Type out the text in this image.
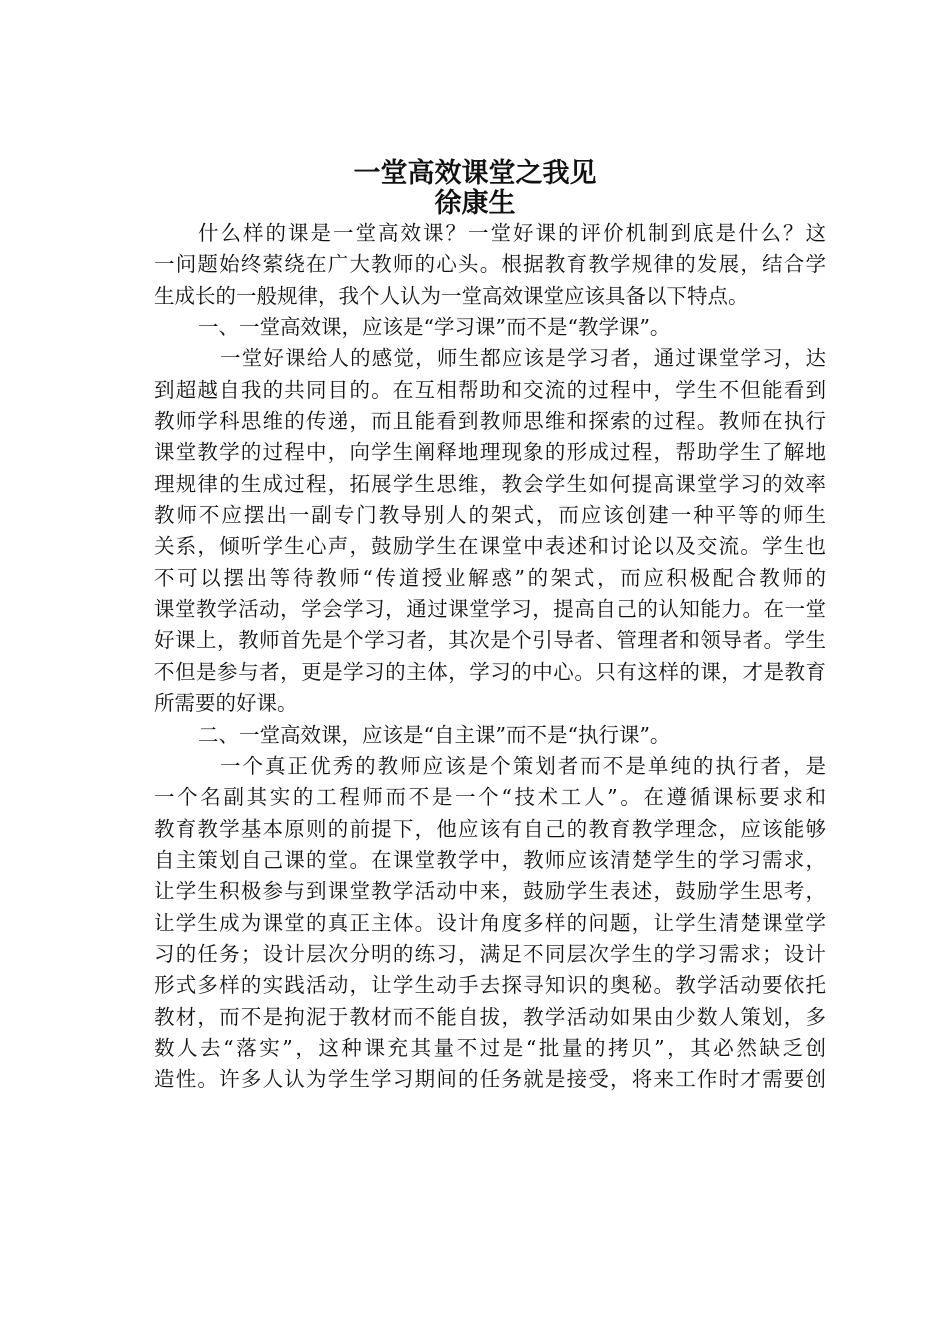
一堂高效课堂之我见
徐康生
什么样的课是一堂高效课？一堂好课的评价机制到底是什么？这
一问题始终萦绕在广大教师的心头。根据教育教学规律的发展，结合学
生成长的一般规律，我个人认为一堂高效课堂应该具备以下特点。
一、一堂高效课，应该是“学习课”而不是“教学课”。
一堂好课给人的感觉，师生都应该是学习者，通过课堂学习，达
到超越自我的共同目的。在互相帮助和交流的过程中，学生不但能看到
教师学科思维的传递，而且能看到教师思维和探索的过程。教师在执行
课堂教学的过程中，向学生阐释地理现象的形成过程，帮助学生了解地
理规律的生成过程，拓展学生思维，教会学生如何提高课堂学习的效率
教师不应摆出一副专门教导别人的架式，而应该创建一种平等的师生
关系，倾听学生心声，鼓励学生在课堂中表述和讨论以及交流。学生也
不可以摆出等待教师“传道授业解惑”的架式，而应积极配合教师的
课堂教学活动，学会学习，通过课堂学习，提高自己的认知能力。在一堂
好课上，教师首先是个学习者，其次是个引导者、管理者和领导者。学生
不但是参与者，更是学习的主体，学习的中心。只有这样的课，才是教育
所需要的好课。
二、一堂高效课，应该是“自主课”而不是“执行课”。
一个真正优秀的教师应该是个策划者而不是单纯的执行者，是
一个名副其实的工程师而不是一个“技术工人”。在遵循课标要求和
教育教学基本原则的前提下，他应该有自己的教育教学理念，应该能够
自主策划自己课的堂。在课堂教学中，教师应该清楚学生的学习需求，
让学生积极参与到课堂教学活动中来，鼓励学生表述，鼓励学生思考，
让学生成为课堂的真正主体。设计角度多样的问题，让学生清楚课堂学
习的任务；设计层次分明的练习，满足不同层次学生的学习需求；设计
形式多样的实践活动，让学生动手去探寻知识的奥秘。教学活动要依托
教材，而不是拘泥于教材而不能自拔，教学活动如果由少数人策划，多
数人去“落实”，这种课充其量不过是“批量的拷贝”，其必然缺乏创
造性。许多人认为学生学习期间的任务就是接受，将来工作时才需要创
